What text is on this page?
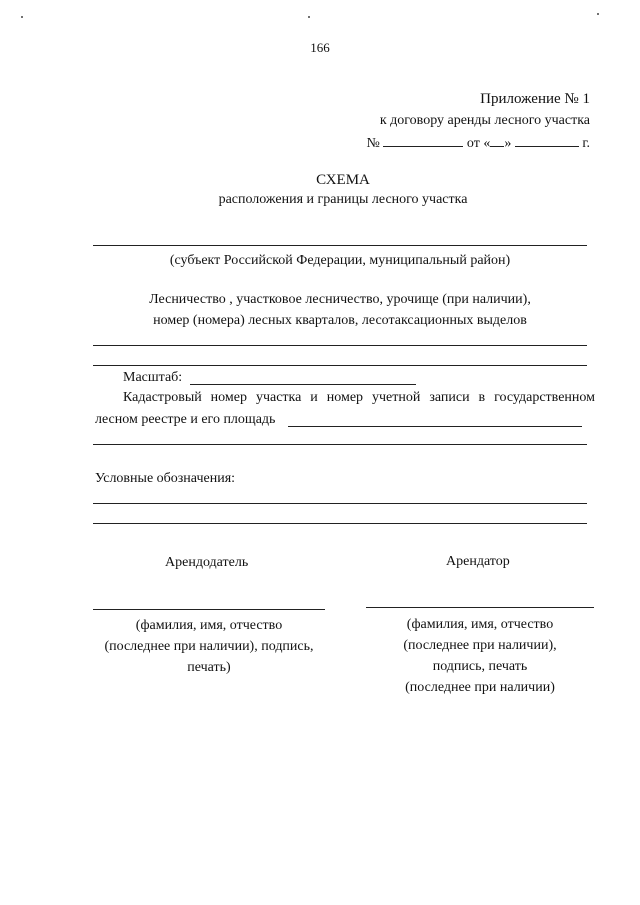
166
Приложение № 1
к договору аренды лесного участка
№	от « »	г.
СХЕМА
расположения и границы лесного участка
(субъект Российской Федерации, муниципальный район)
Лесничество , участковое лесничество, урочище (при наличии),
номер (номера) лесных кварталов, лесотаксационных выделов
Масштаб:
Кадастровый номер участка и номер учетной записи в государственном
лесном реестре и его площадь
Условные обозначения:
Арендодатель	Арендатор
(фамилия, имя, отчество
(последнее при наличии), подпись,
печать)
(фамилия, имя, отчество
(последнее при наличии),
подпись, печать
(последнее при наличии)
